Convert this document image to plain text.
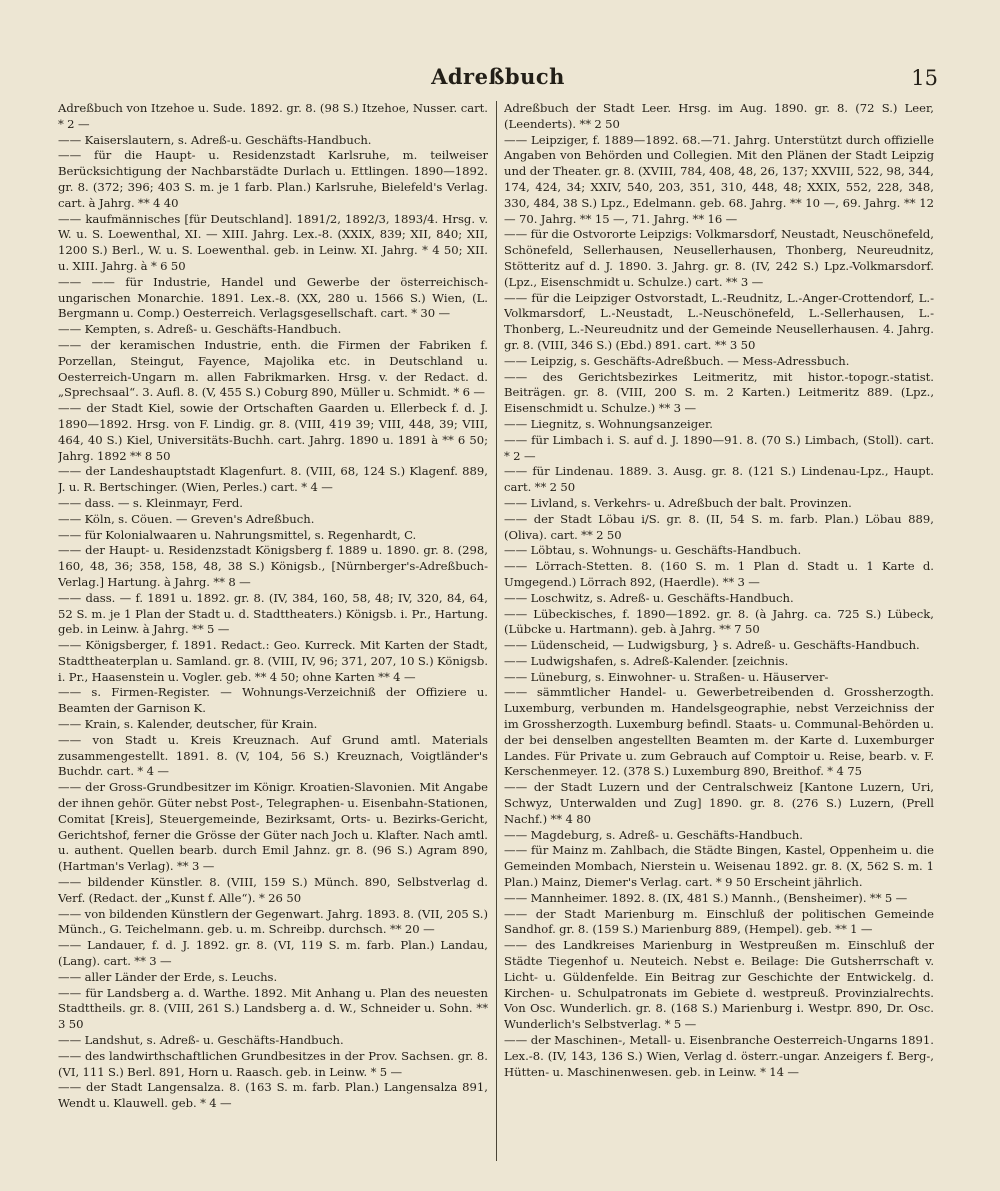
Adreßbuch	15

Adreßbuch von Itzehoe u. Sude. 1892. gr. 8. (98 S.) Itzehoe, Nusser. cart. * 2 —

—— Kaiserslautern, s. Adreß-u. Geschäfts-Handbuch.

—— für die Haupt- u. Residenzstadt Karlsruhe, m. teilweiser Berücksichtigung der Nachbarstädte Durlach u. Ettlingen. 1890—1892. gr. 8. (372; 396; 403 S. m. je 1 farb. Plan.) Karlsruhe, Bielefeld's Verlag. cart. à Jahrg. ** 4 40

—— kaufmännisches [für Deutschland]. 1891/2, 1892/3, 1893/4. Hrsg. v. W. u. S. Loewenthal, XI. — XIII. Jahrg. Lex.-8. (XXIX, 839; XII, 840; XII, 1200 S.) Berl., W. u. S. Loewenthal. geb. in Leinw. XI. Jahrg. * 4 50; XII. u. XIII. Jahrg. à * 6 50

—— —— für Industrie, Handel und Gewerbe der österreichisch-ungarischen Monarchie. 1891. Lex.-8. (XX, 280 u. 1566 S.) Wien, (L. Bergmann u. Comp.) Oesterreich. Verlagsgesellschaft. cart. * 30 —

—— Kempten, s. Adreß- u. Geschäfts-Handbuch.

—— der keramischen Industrie, enth. die Firmen der Fabriken f. Porzellan, Steingut, Fayence, Majolika etc. in Deutschland u. Oesterreich-Ungarn m. allen Fabrikmarken. Hrsg. v. der Redact. d. „Sprechsaal“. 3. Aufl. 8. (V, 455 S.) Coburg 890, Müller u. Schmidt. * 6 —

—— der Stadt Kiel, sowie der Ortschaften Gaarden u. Ellerbeck f. d. J. 1890—1892. Hrsg. von F. Lindig. gr. 8. (VIII, 419 39; VIII, 448, 39; VIII, 464, 40 S.) Kiel, Universitäts-Buchh. cart. Jahrg. 1890 u. 1891 à ** 6 50; Jahrg. 1892 ** 8 50

—— der Landeshauptstadt Klagenfurt. 8. (VIII, 68, 124 S.) Klagenf. 889, J. u. R. Bertschinger. (Wien, Perles.) cart. * 4 —

—— dass. — s. Kleinmayr, Ferd.

—— Köln, s. Cöuen. — Greven's Adreßbuch.

—— für Kolonialwaaren u. Nahrungsmittel, s. Regenhardt, C.

—— der Haupt- u. Residenzstadt Königsberg f. 1889 u. 1890. gr. 8. (298, 160, 48, 36; 358, 158, 48, 38 S.) Königsb., [Nürnberger's-Adreßbuch-Verlag.] Hartung. à Jahrg. ** 8 —

—— dass. — f. 1891 u. 1892. gr. 8. (IV, 384, 160, 58, 48; IV, 320, 84, 64, 52 S. m. je 1 Plan der Stadt u. d. Stadttheaters.) Königsb. i. Pr., Hartung. geb. in Leinw. à Jahrg. ** 5 —

—— Königsberger, f. 1891. Redact.: Geo. Kurreck. Mit Karten der Stadt, Stadttheaterplan u. Samland. gr. 8. (VIII, IV, 96; 371, 207, 10 S.) Königsb. i. Pr., Haasenstein u. Vogler. geb. ** 4 50; ohne Karten ** 4 —

—— s. Firmen-Register. — Wohnungs-Verzeichniß der Offiziere u. Beamten der Garnison K.

—— Krain, s. Kalender, deutscher, für Krain.

—— von Stadt u. Kreis Kreuznach. Auf Grund amtl. Materials zusammengestellt. 1891. 8. (V, 104, 56 S.) Kreuznach, Voigtländer's Buchdr. cart. * 4 —

—— der Gross-Grundbesitzer im Königr. Kroatien-Slavonien. Mit Angabe der ihnen gehör. Güter nebst Post-, Telegraphen- u. Eisenbahn-Stationen, Comitat [Kreis], Steuergemeinde, Bezirksamt, Orts- u. Bezirks-Gericht, Gerichtshof, ferner die Grösse der Güter nach Joch u. Klafter. Nach amtl. u. authent. Quellen bearb. durch Emil Jahnz. gr. 8. (96 S.) Agram 890, (Hartman's Verlag). ** 3 —

—— bildender Künstler. 8. (VIII, 159 S.) Münch. 890, Selbstverlag d. Verf. (Redact. der „Kunst f. Alle“). * 26 50

—— von bildenden Künstlern der Gegenwart. Jahrg. 1893. 8. (VII, 205 S.) Münch., G. Teichelmann. geb. u. m. Schreibp. durchsch. ** 20 —

—— Landauer, f. d. J. 1892. gr. 8. (VI, 119 S. m. farb. Plan.) Landau, (Lang). cart. ** 3 —

—— aller Länder der Erde, s. Leuchs.

—— für Landsberg a. d. Warthe. 1892. Mit Anhang u. Plan des neuesten Stadttheils. gr. 8. (VIII, 261 S.) Landsberg a. d. W., Schneider u. Sohn. ** 3 50

—— Landshut, s. Adreß- u. Geschäfts-Handbuch.

—— des landwirthschaftlichen Grundbesitzes in der Prov. Sachsen. gr. 8. (VI, 111 S.) Berl. 891, Horn u. Raasch. geb. in Leinw. * 5 —

—— der Stadt Langensalza. 8. (163 S. m. farb. Plan.) Langensalza 891, Wendt u. Klauwell. geb. * 4 —

Adreßbuch der Stadt Leer. Hrsg. im Aug. 1890. gr. 8. (72 S.) Leer, (Leenderts). ** 2 50

—— Leipziger, f. 1889—1892. 68.—71. Jahrg. Unterstützt durch offizielle Angaben von Behörden und Collegien. Mit den Plänen der Stadt Leipzig und der Theater. gr. 8. (XVIII, 784, 408, 48, 26, 137; XXVIII, 522, 98, 344, 174, 424, 34; XXIV, 540, 203, 351, 310, 448, 48; XXIX, 552, 228, 348, 330, 484, 38 S.) Lpz., Edelmann. geb. 68. Jahrg. ** 10 —, 69. Jahrg. ** 12 — 70. Jahrg. ** 15 —, 71. Jahrg. ** 16 —

—— für die Ostvororte Leipzigs: Volkmarsdorf, Neustadt, Neuschönefeld, Schönefeld, Sellerhausen, Neusellerhausen, Thonberg, Neureudnitz, Stötteritz auf d. J. 1890. 3. Jahrg. gr. 8. (IV, 242 S.) Lpz.-Volkmarsdorf. (Lpz., Eisenschmidt u. Schulze.) cart. ** 3 —

—— für die Leipziger Ostvorstadt, L.-Reudnitz, L.-Anger-Crottendorf, L.-Volkmarsdorf, L.-Neustadt, L.-Neuschönefeld, L.-Sellerhausen, L.-Thonberg, L.-Neureudnitz und der Gemeinde Neusellerhausen. 4. Jahrg. gr. 8. (VIII, 346 S.) (Ebd.) 891. cart. ** 3 50

—— Leipzig, s. Geschäfts-Adreßbuch. — Mess-Adressbuch.

—— des Gerichtsbezirkes Leitmeritz, mit histor.-topogr.-statist. Beiträgen. gr. 8. (VIII, 200 S. m. 2 Karten.) Leitmeritz 889. (Lpz., Eisenschmidt u. Schulze.) ** 3 —

—— Liegnitz, s. Wohnungsanzeiger.

—— für Limbach i. S. auf d. J. 1890—91. 8. (70 S.) Limbach, (Stoll). cart. * 2 —

—— für Lindenau. 1889. 3. Ausg. gr. 8. (121 S.) Lindenau-Lpz., Haupt. cart. ** 2 50

—— Livland, s. Verkehrs- u. Adreßbuch der balt. Provinzen.

—— der Stadt Löbau i/S. gr. 8. (II, 54 S. m. farb. Plan.) Löbau 889, (Oliva). cart. ** 2 50

—— Löbtau, s. Wohnungs- u. Geschäfts-Handbuch.

—— Lörrach-Stetten. 8. (160 S. m. 1 Plan d. Stadt u. 1 Karte d. Umgegend.) Lörrach 892, (Haerdle). ** 3 —

—— Loschwitz, s. Adreß- u. Geschäfts-Handbuch.

—— Lübeckisches, f. 1890—1892. gr. 8. (à Jahrg. ca. 725 S.) Lübeck, (Lübcke u. Hartmann). geb. à Jahrg. ** 7 50

—— Lüdenscheid, — Ludwigsburg, } s. Adreß- u. Geschäfts-Handbuch.

—— Ludwigshafen, s. Adreß-Kalender. [zeichnis.

—— Lüneburg, s. Einwohner- u. Straßen- u. Häuserver-

—— sämmtlicher Handel- u. Gewerbetreibenden d. Grossherzogth. Luxemburg, verbunden m. Handelsgeographie, nebst Verzeichniss der im Grossherzogth. Luxemburg befindl. Staats- u. Communal-Behörden u. der bei denselben angestellten Beamten m. der Karte d. Luxemburger Landes. Für Private u. zum Gebrauch auf Comptoir u. Reise, bearb. v. F. Kerschenmeyer. 12. (378 S.) Luxemburg 890, Breithof. * 4 75

—— der Stadt Luzern und der Centralschweiz [Kantone Luzern, Uri, Schwyz, Unterwalden und Zug] 1890. gr. 8. (276 S.) Luzern, (Prell Nachf.) ** 4 80

—— Magdeburg, s. Adreß- u. Geschäfts-Handbuch.

—— für Mainz m. Zahlbach, die Städte Bingen, Kastel, Oppenheim u. die Gemeinden Mombach, Nierstein u. Weisenau 1892. gr. 8. (X, 562 S. m. 1 Plan.) Mainz, Diemer's Verlag. cart. * 9 50 Erscheint jährlich.

—— Mannheimer. 1892. 8. (IX, 481 S.) Mannh., (Bensheimer). ** 5 —

—— der Stadt Marienburg m. Einschluß der politischen Gemeinde Sandhof. gr. 8. (159 S.) Marienburg 889, (Hempel). geb. ** 1 —

—— des Landkreises Marienburg in Westpreußen m. Einschluß der Städte Tiegenhof u. Neuteich. Nebst e. Beilage: Die Gutsherrschaft v. Licht- u. Güldenfelde. Ein Beitrag zur Geschichte der Entwickelg. d. Kirchen- u. Schulpatronats im Gebiete d. westpreuß. Provinzialrechts. Von Osc. Wunderlich. gr. 8. (168 S.) Marienburg i. Westpr. 890, Dr. Osc. Wunderlich's Selbstverlag. * 5 —

—— der Maschinen-, Metall- u. Eisenbranche Oesterreich-Ungarns 1891. Lex.-8. (IV, 143, 136 S.) Wien, Verlag d. österr.-ungar. Anzeigers f. Berg-, Hütten- u. Maschinenwesen. geb. in Leinw. * 14 —
